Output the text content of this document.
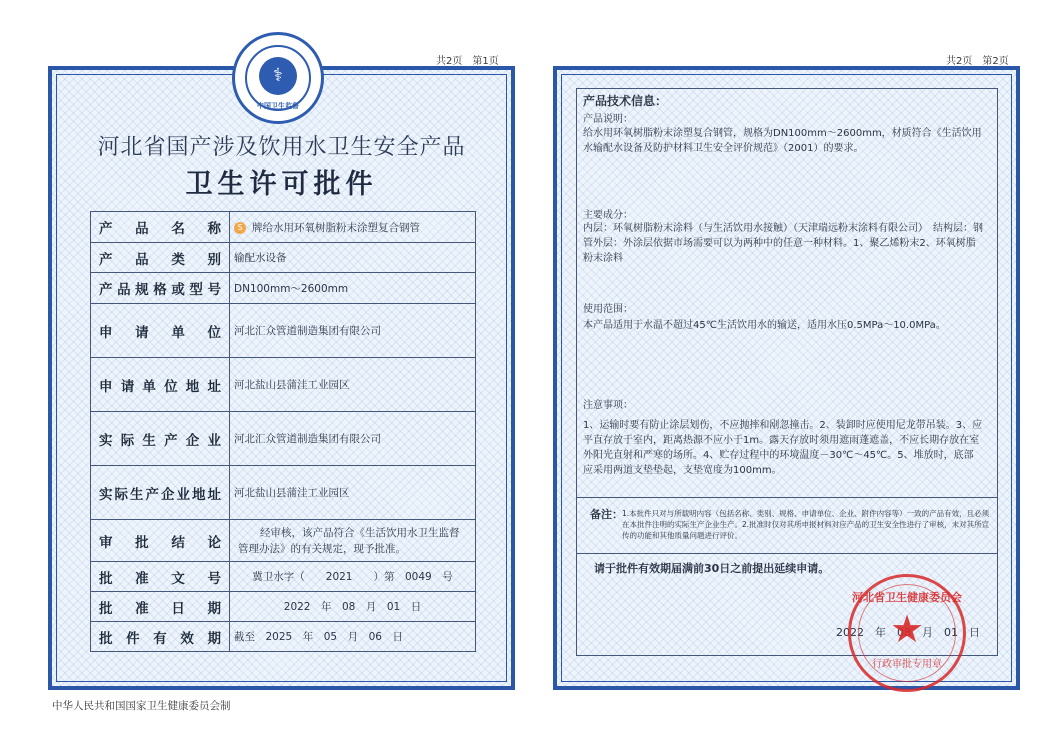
共2页　第1页	共2页　第2页
⚕
中国卫生监督
河北省国产涉及饮用水卫生安全产品
卫生许可批件
产品名称	S 牌给水用环氧树脂粉末涂塑复合钢管
产品类别	输配水设备
产品规格或型号	DN100mm～2600mm
申请单位	河北汇众管道制造集团有限公司
申请单位地址	河北盐山县蒲洼工业园区
实际生产企业	河北汇众管道制造集团有限公司
实际生产企业地址	河北盐山县蒲洼工业园区
审批结论	经审核，该产品符合《生活饮用水卫生监督管理办法》的有关规定，现予批准。
批准文号	冀卫水字（　　2021　　）第　0049　号
批准日期	2022　年　08　月　01　日
批件有效期	截至　2025　年　05　月　06　日
中华人民共和国国家卫生健康委员会制
产品技术信息：
产品说明：
给水用环氧树脂粉末涂塑复合钢管，规格为DN100mm～2600mm，材质符合《生活饮用水输配水设备及防护材料卫生安全评价规范》（2001）的要求。
主要成分：
内层：环氧树脂粉末涂料（与生活饮用水接触）（天津瑞远粉末涂料有限公司）　结构层：钢管外层：外涂层依据市场需要可以为两种中的任意一种材料。1、聚乙烯粉末2、环氧树脂粉末涂料
使用范围：
本产品适用于水温不超过45℃生活饮用水的输送，适用水压0.5MPa～10.0MPa。
注意事项：
1、运输时要有防止涂层划伤，不应抛摔和剐忽撞击。2、装卸时应使用尼龙带吊装。3、应平直存放于室内，距离热源不应小于1m。露天存放时须用遮雨蓬遮盖，不应长期存放在室外阳光直射和严寒的场所。4、贮存过程中的环境温度－30℃～45℃。5、堆放时，底部应采用两道支垫垫起，支垫宽度为100mm。
备注： 1.本批件只对与所载明内容（包括名称、类别、规格、申请单位、企业、附件内容等）一致的产品有效，且必须在本批件注明的实际生产企业生产。2.批准时仅对其所申报材料对应产品的卫生安全性进行了审核，未对其所宣传的功能和其他质量问题进行评价。
请于批件有效期届满前30日之前提出延续申请。
2022　年　08　月　01　日
河北省卫生健康委员会
★
行政审批专用章
